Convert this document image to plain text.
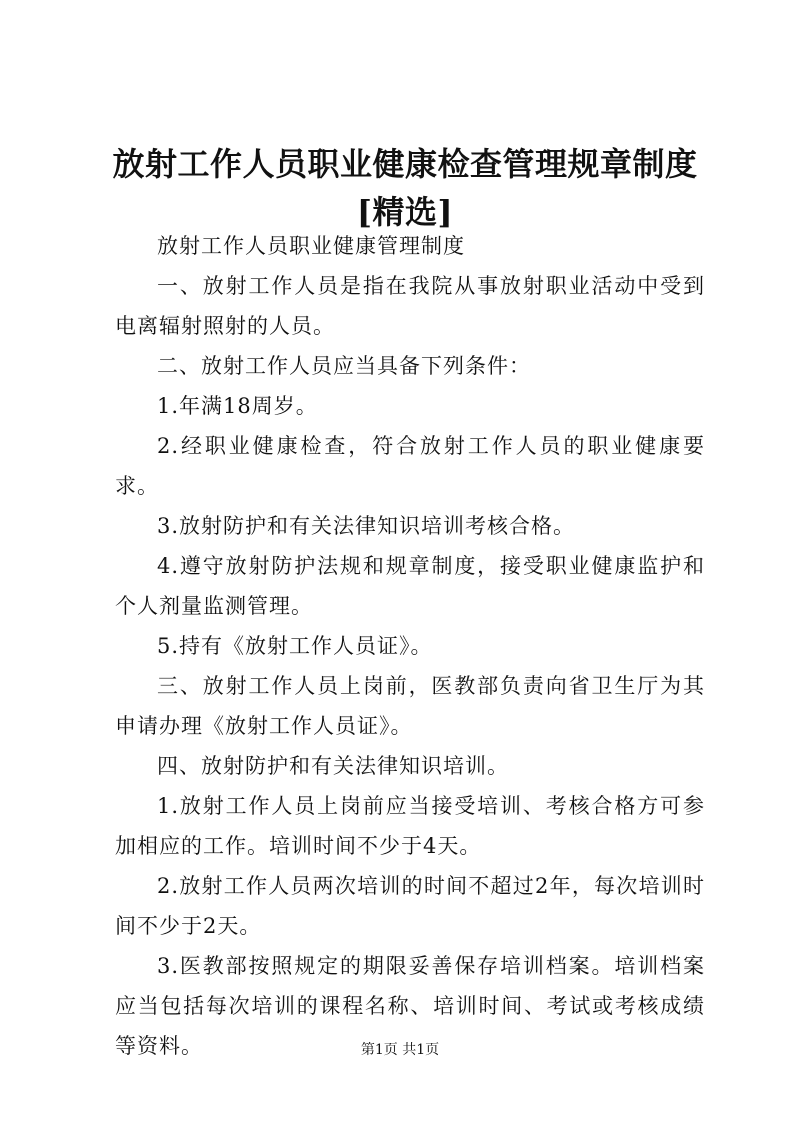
放射工作人员职业健康检查管理规章制度[精选]

放射工作人员职业健康管理制度

一、放射工作人员是指在我院从事放射职业活动中受到电离辐射照射的人员。

二、放射工作人员应当具备下列条件：

1.年满18周岁。

2.经职业健康检查，符合放射工作人员的职业健康要求。

3.放射防护和有关法律知识培训考核合格。

4.遵守放射防护法规和规章制度，接受职业健康监护和个人剂量监测管理。

5.持有《放射工作人员证》。

三、放射工作人员上岗前，医教部负责向省卫生厅为其申请办理《放射工作人员证》。

四、放射防护和有关法律知识培训。

1.放射工作人员上岗前应当接受培训、考核合格方可参加相应的工作。培训时间不少于4天。

2.放射工作人员两次培训的时间不超过2年，每次培训时间不少于2天。

3.医教部按照规定的期限妥善保存培训档案。培训档案应当包括每次培训的课程名称、培训时间、考试或考核成绩等资料。	第1页 共1页
